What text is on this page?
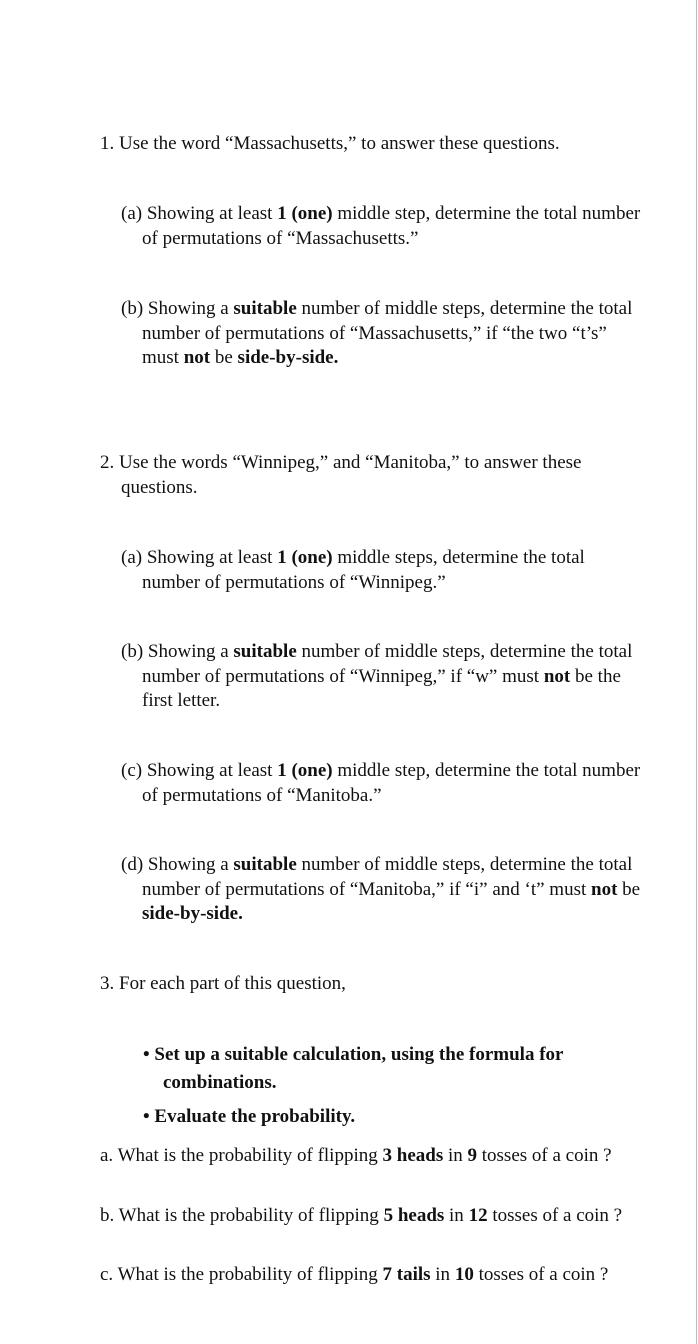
1. Use the word “Massachusetts,” to answer these questions.

(a) Showing at least 1 (one) middle step, determine the total number of permutations of “Massachusetts.”

(b) Showing a suitable number of middle steps, determine the total number of permutations of “Massachusetts,” if “the two “t’s” must not be side-by-side.

2. Use the words “Winnipeg,” and “Manitoba,” to answer these questions.

(a) Showing at least 1 (one) middle steps, determine the total number of permutations of “Winnipeg.”

(b) Showing a suitable number of middle steps, determine the total number of permutations of “Winnipeg,” if “w” must not be the first letter.

(c) Showing at least 1 (one) middle step, determine the total number of permutations of “Manitoba.”

(d) Showing a suitable number of middle steps, determine the total number of permutations of “Manitoba,” if “i” and ‘t” must not be side-by-side.

3. For each part of this question,

• Set up a suitable calculation, using the formula for combinations.

• Evaluate the probability.

a. What is the probability of flipping 3 heads in 9 tosses of a coin ?

b. What is the probability of flipping 5 heads in 12 tosses of a coin ?

c. What is the probability of flipping 7 tails in 10 tosses of a coin ?
